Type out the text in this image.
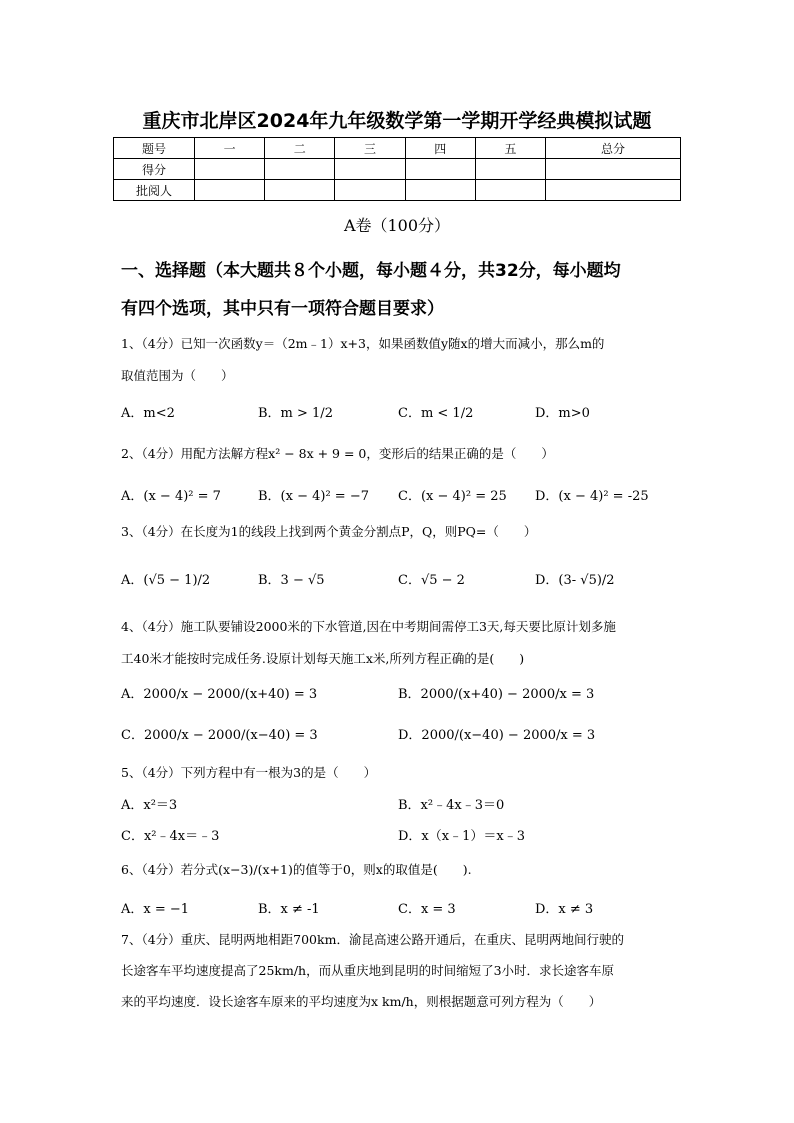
重庆市北岸区2024年九年级数学第一学期开学经典模拟试题
题号	一	二	三	四	五	总分
得分						
批阅人						
A卷（100分）
一、选择题（本大题共８个小题，每小题４分，共32分，每小题均
有四个选项，其中只有一项符合题目要求）
1、（4分）已知一次函数y＝（2m﹣1）x+3，如果函数值y随x的增大而减小，那么m的
取值范围为（　　）
A．m<2	B．m > 1/2	C．m < 1/2	D．m>0
2、（4分）用配方法解方程x² − 8x + 9 = 0，变形后的结果正确的是（　　）
A．(x − 4)² = 7	B．(x − 4)² = −7 C．(x − 4)² = 25 D．(x − 4)² = -25
3、（4分）在长度为1的线段上找到两个黄金分割点P，Q，则PQ=（　　）
A．(√5 − 1)/2	B．3 − √5	C．√5 − 2	D．(3- √5)/2
4、（4分）施工队要铺设2000米的下水管道,因在中考期间需停工3天,每天要比原计划多施
工40米才能按时完成任务.设原计划每天施工x米,所列方程正确的是(　　)
A．2000/x − 2000/(x+40) = 3	B．2000/(x+40) − 2000/x = 3
C．2000/x − 2000/(x−40) = 3	D．2000/(x−40) − 2000/x = 3
5、（4分）下列方程中有一根为3的是（　　）
A．x²＝3	B．x²﹣4x﹣3＝0
C．x²﹣4x＝﹣3	D．x（x﹣1）＝x﹣3
6、（4分）若分式(x−3)/(x+1)的值等于0，则x的取值是(　　).
A．x = −1	B．x ≠ -1	C．x = 3	D．x ≠ 3
7、（4分）重庆、昆明两地相距700km．渝昆高速公路开通后，在重庆、昆明两地间行驶的
长途客车平均速度提高了25km/h，而从重庆地到昆明的时间缩短了3小时．求长途客车原
来的平均速度．设长途客车原来的平均速度为x km/h，则根据题意可列方程为（　　）
